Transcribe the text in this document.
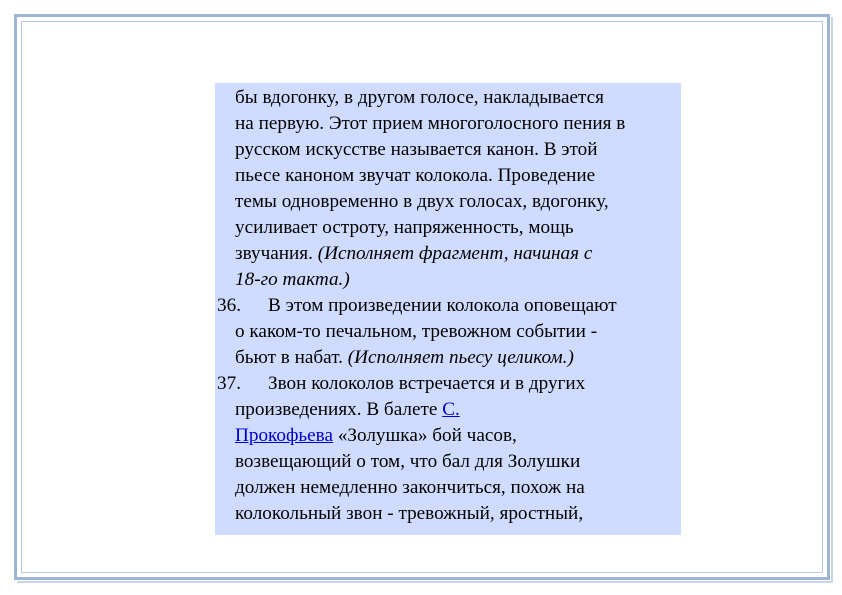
бы вдогонку, в другом голосе, накладывается
на первую. Этот прием многоголосного пения в
русском искусстве называется канон. В этой
пьесе каноном звучат колокола. Проведение
темы одновременно в двух голосах, вдогонку,
усиливает остроту, напряженность, мощь
звучания. (Исполняет фрагмент, начиная с
18-го такта.)
36. В этом произведении колокола оповещают
о каком-то печальном, тревожном событии -
бьют в набат. (Исполняет пьесу целиком.)
37. Звон колоколов встречается и в других
произведениях. В балете С.
Прокофьева «Золушка» бой часов,
возвещающий о том, что бал для Золушки
должен немедленно закончиться, похож на
колокольный звон - тревожный, яростный,
